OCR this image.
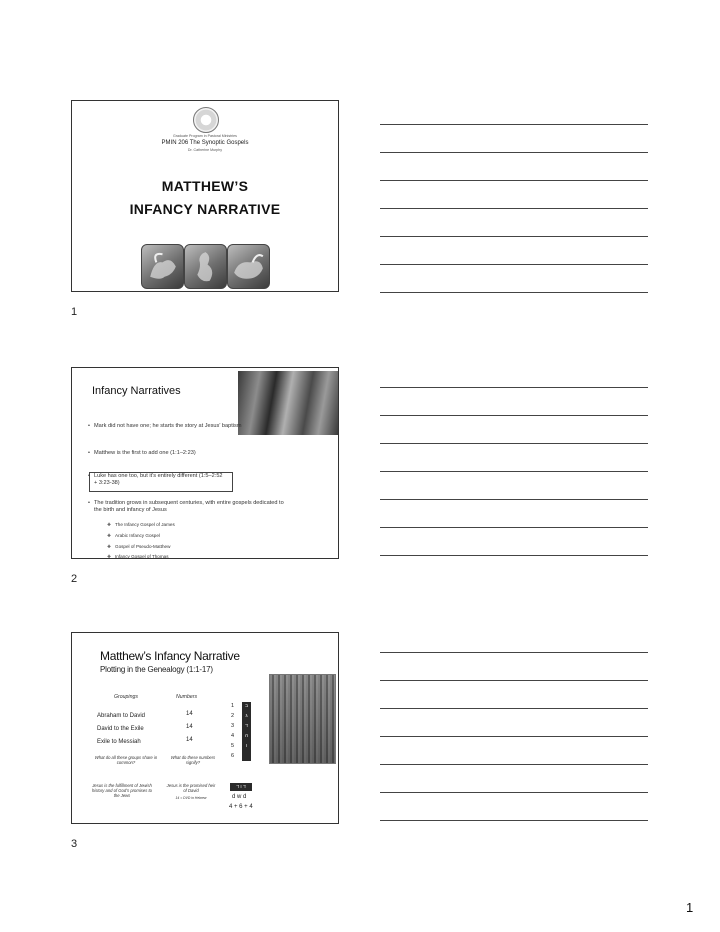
Graduate Program in Pastoral Ministries
PMIN 206 The Synoptic Gospels
Dr. Catherine Murphy
MATTHEW’S
INFANCY NARRATIVE
1
Infancy Narratives
• Mark did not have one; he starts the story at Jesus’ baptism
• Matthew is the first to add one (1:1–2:23)
• Luke has one too, but it’s entirely different (1:5–2:52 + 3:23-38)
• The tradition grows in subsequent centuries, with entire gospels dedicated to the birth and infancy of Jesus
❖ The Infancy Gospel of James
❖ Arabic Infancy Gospel
❖ Gospel of Pseudo-Matthew
❖ Infancy Gospel of Thomas
2
Matthew’s Infancy Narrative
Plotting in the Genealogy (1:1-17)
Groupings	Numbers
Abraham to David	14
David to the Exile	14
Exile to Messiah	14
What do all these groups share in common?
What do these numbers signify?
Jesus is the fulfillment of Jewish history and of God’s promises to the Jews
Jesus is the promised heir of David
14 = DVD in Hebrew
1
2
3
4
5
6
ב
ג
ד
ה
ו
ד ו ד
d w d
4 + 6 + 4
3
1
